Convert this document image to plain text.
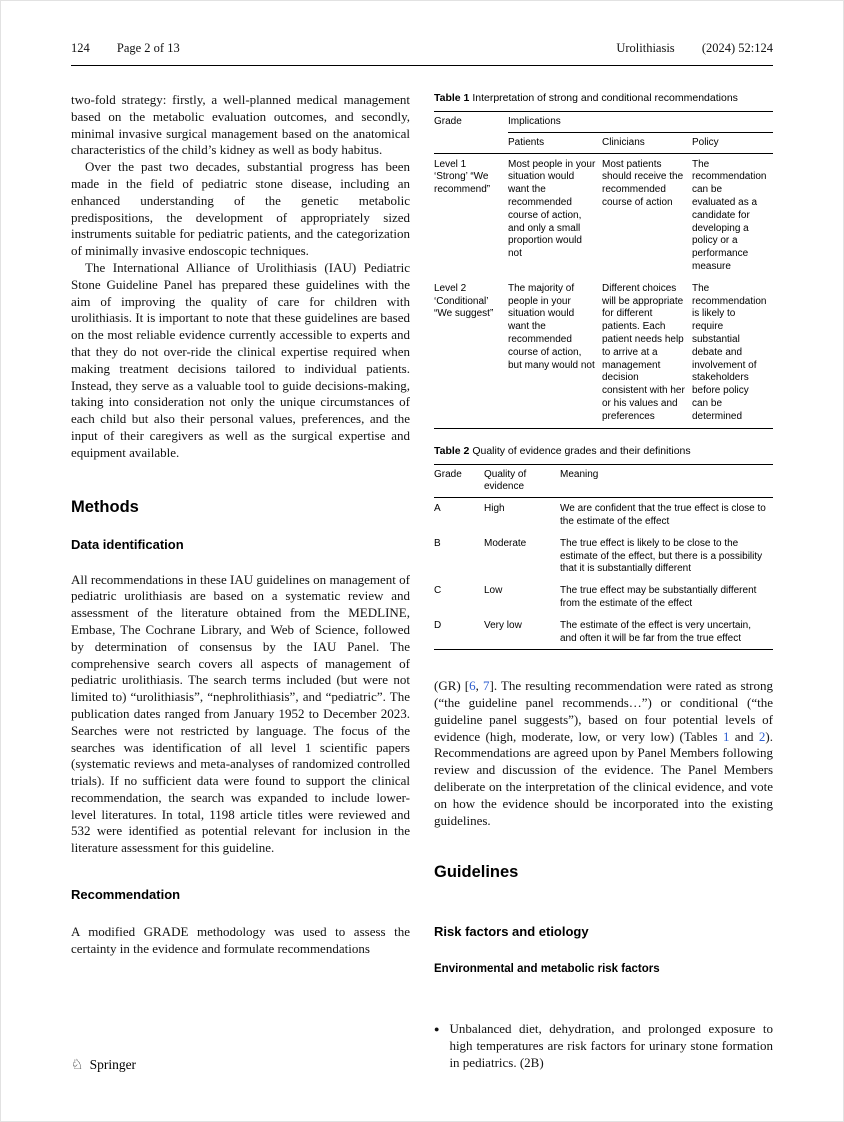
124 Page 2 of 13	Urolithiasis (2024) 52:124

two-fold strategy: firstly, a well-planned medical management based on the metabolic evaluation outcomes, and secondly, minimal invasive surgical management based on the anatomical characteristics of the child’s kidney as well as body habitus.

Over the past two decades, substantial progress has been made in the field of pediatric stone disease, including an enhanced understanding of the genetic metabolic predispositions, the development of appropriately sized instruments suitable for pediatric patients, and the categorization of minimally invasive endoscopic techniques.

The International Alliance of Urolithiasis (IAU) Pediatric Stone Guideline Panel has prepared these guidelines with the aim of improving the quality of care for children with urolithiasis. It is important to note that these guidelines are based on the most reliable evidence currently accessible to experts and that they do not over-ride the clinical expertise required when making treatment decisions tailored to individual patients. Instead, they serve as a valuable tool to guide decisions-making, taking into consideration not only the unique circumstances of each child but also their personal values, preferences, and the input of their caregivers as well as the surgical expertise and equipment available.

Methods
Data identification

All recommendations in these IAU guidelines on management of pediatric urolithiasis are based on a systematic review and assessment of the literature obtained from the MEDLINE, Embase, The Cochrane Library, and Web of Science, followed by determination of consensus by the IAU Panel. The comprehensive search covers all aspects of management of pediatric urolithiasis. The search terms included (but were not limited to) “urolithiasis”, “nephrolithiasis”, and “pediatric”. The publication dates ranged from January 1952 to December 2023. Searches were not restricted by language. The focus of the searches was identification of all level 1 scientific papers (systematic reviews and meta-analyses of randomized controlled trials). If no sufficient data were found to support the clinical recommendation, the search was expanded to include lower-level literatures. In total, 1198 article titles were reviewed and 532 were identified as potential relevant for inclusion in the literature assessment for this guideline.

Recommendation

A modified GRADE methodology was used to assess the certainty in the evidence and formulate recommendations

Table 1 Interpretation of strong and conditional recommendations
Grade	Implications		
	Patients	Clinicians	Policy
Level 1 ‘Strong’ “We recommend”	Most people in your situation would want the recommended course of action, and only a small proportion would not	Most patients should receive the recommended course of action	The recommendation can be evaluated as a candidate for developing a policy or a performance measure
Level 2 ‘Conditional’ “We suggest”	The majority of people in your situation would want the recommended course of action, but many would not	Different choices will be appropriate for different patients. Each patient needs help to arrive at a management decision consistent with her or his values and preferences	The recommendation is likely to require substantial debate and involvement of stakeholders before policy can be determined
Table 2 Quality of evidence grades and their definitions
Grade	Quality of evidence	Meaning
A	High	We are confident that the true effect is close to the estimate of the effect
B	Moderate	The true effect is likely to be close to the estimate of the effect, but there is a possibility that it is substantially different
C	Low	The true effect may be substantially different from the estimate of the effect
D	Very low	The estimate of the effect is very uncertain, and often it will be far from the true effect

(GR) [6, 7]. The resulting recommendation were rated as strong (“the guideline panel recommends…”) or conditional (“the guideline panel suggests”), based on four potential levels of evidence (high, moderate, low, or very low) (Tables 1 and 2). Recommendations are agreed upon by Panel Members following review and discussion of the evidence. The Panel Members deliberate on the interpretation of the clinical evidence, and vote on how the evidence should be incorporated into the existing guidelines.

Guidelines
Risk factors and etiology
Environmental and metabolic risk factors
● Unbalanced diet, dehydration, and prolonged exposure to high temperatures are risk factors for urinary stone formation in pediatrics. (2B)
♘ Springer
